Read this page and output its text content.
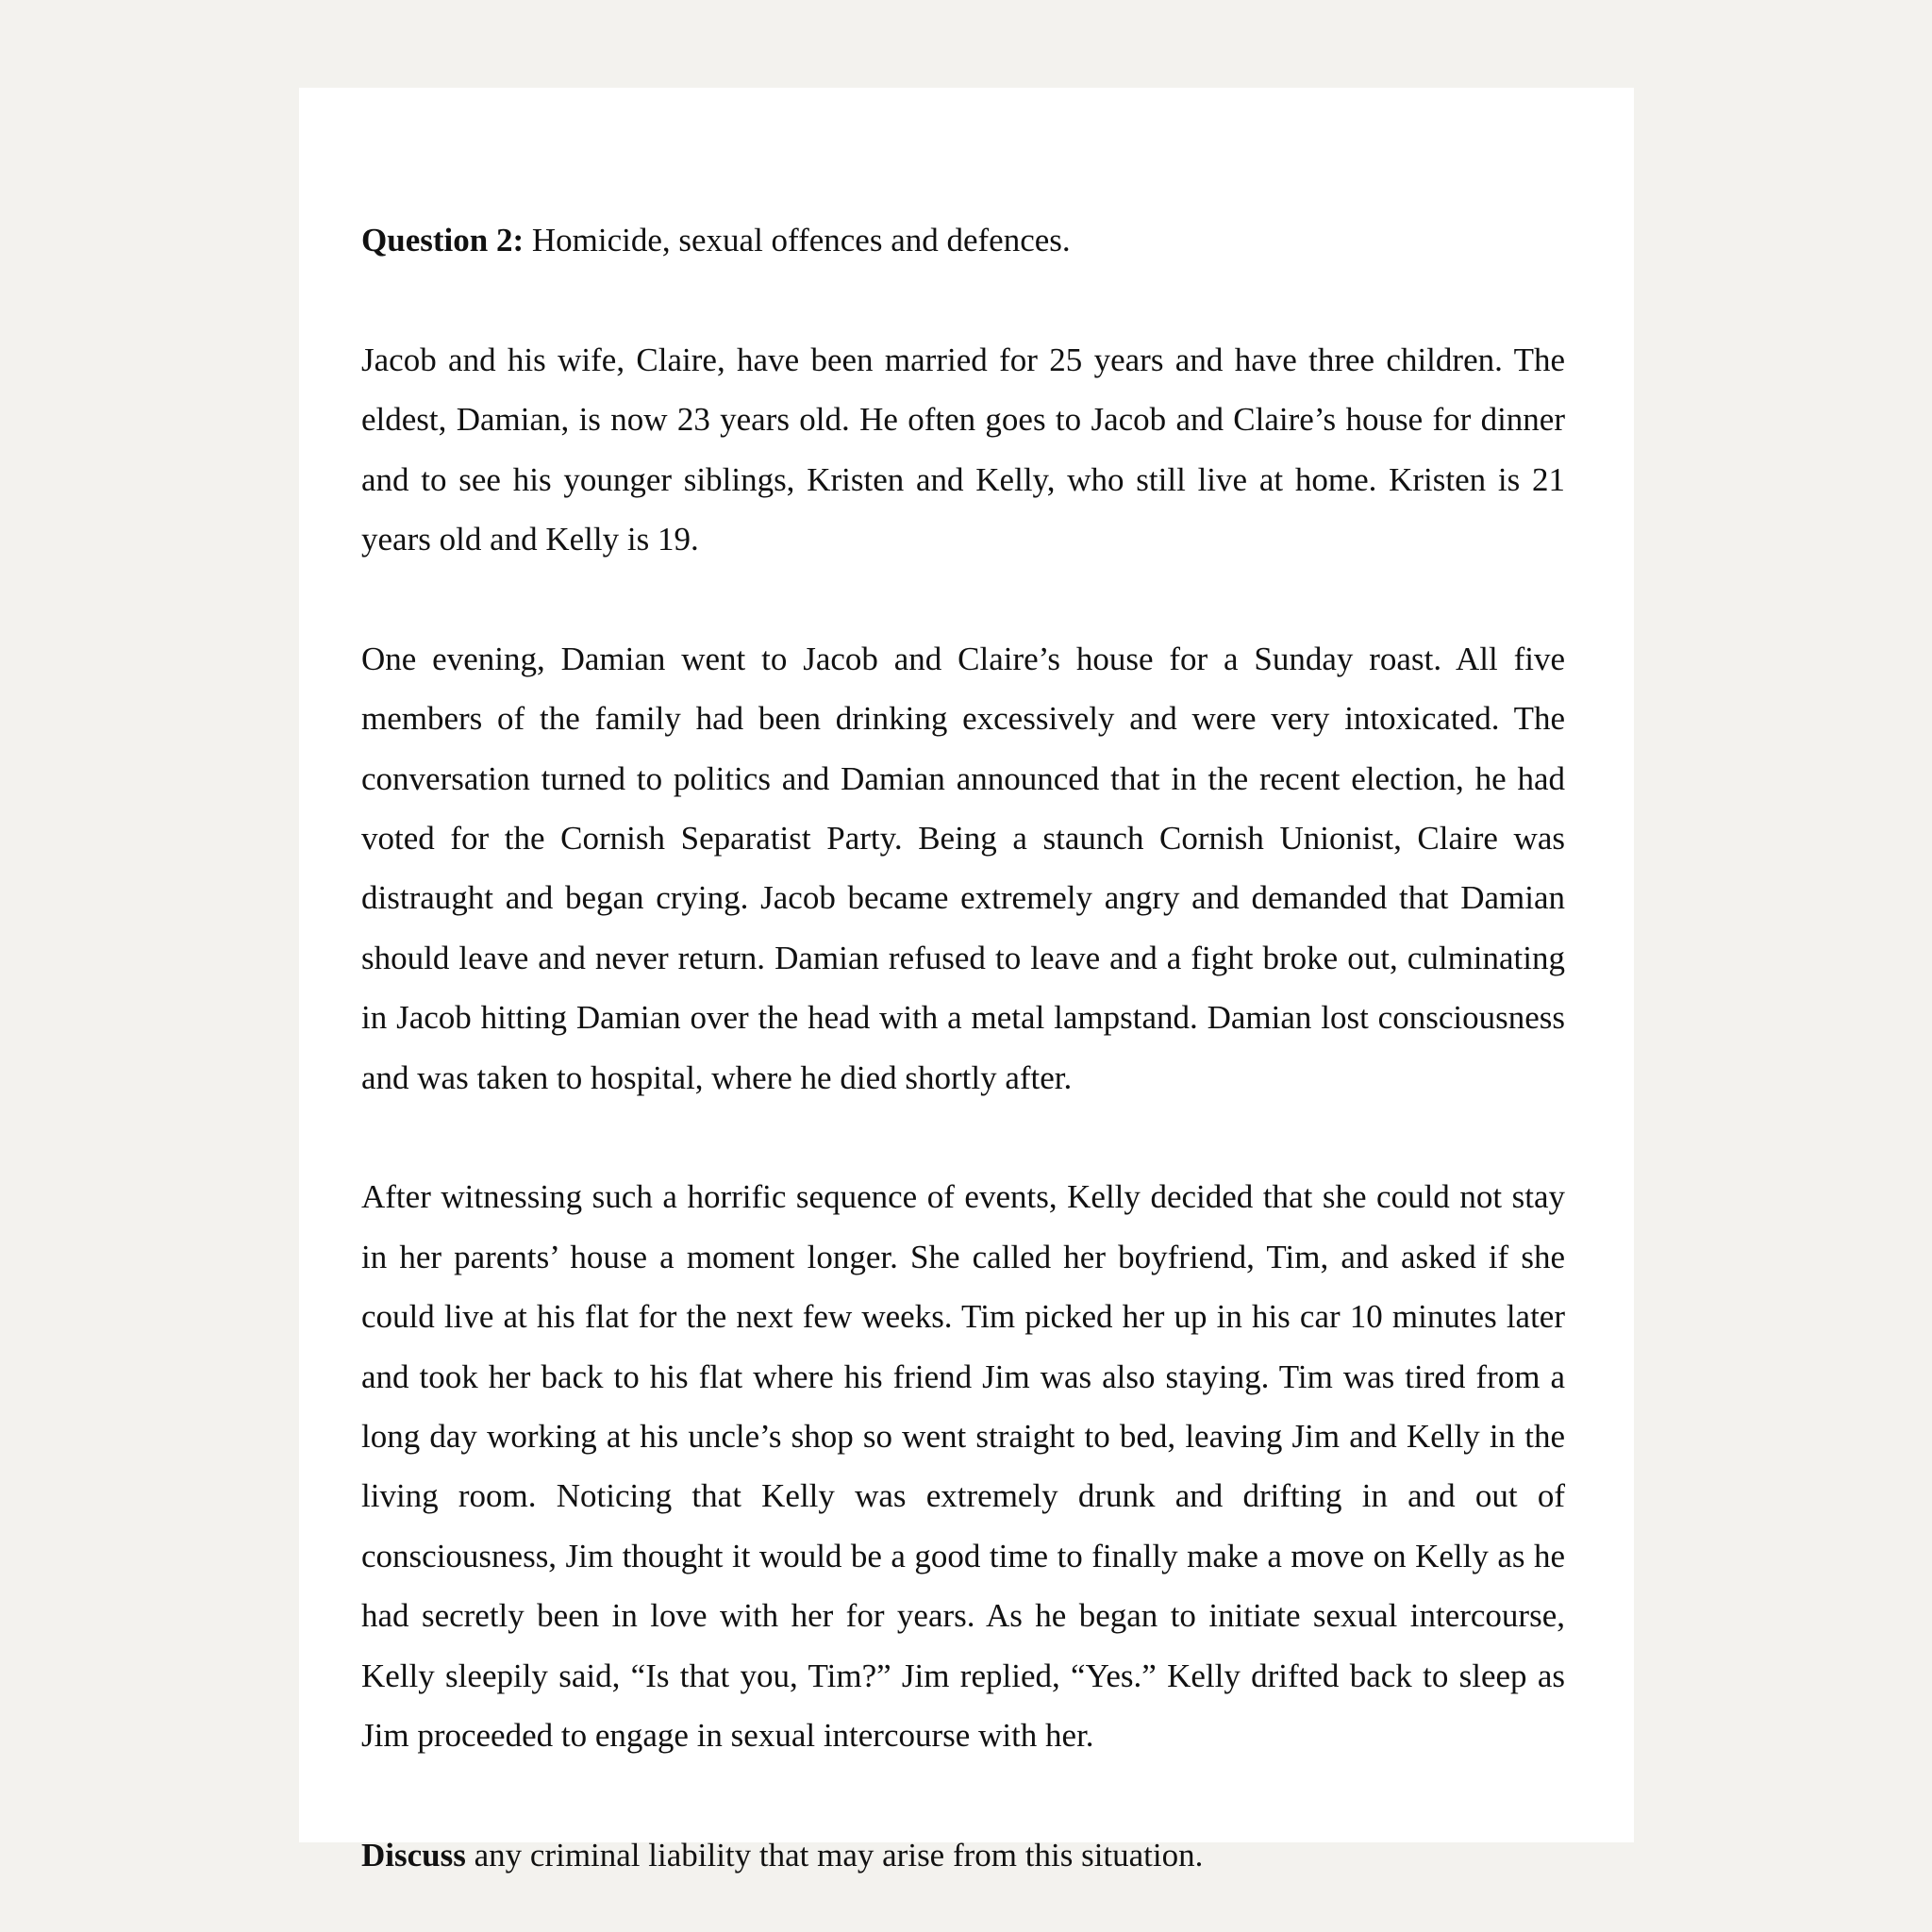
Question 2: Homicide, sexual offences and defences.

Jacob and his wife, Claire, have been married for 25 years and have three children. The eldest, Damian, is now 23 years old. He often goes to Jacob and Claire’s house for dinner and to see his younger siblings, Kristen and Kelly, who still live at home. Kristen is 21 years old and Kelly is 19.

One evening, Damian went to Jacob and Claire’s house for a Sunday roast. All five members of the family had been drinking excessively and were very intoxicated. The conversation turned to politics and Damian announced that in the recent election, he had voted for the Cornish Separatist Party. Being a staunch Cornish Unionist, Claire was distraught and began crying. Jacob became extremely angry and demanded that Damian should leave and never return. Damian refused to leave and a fight broke out, culminating in Jacob hitting Damian over the head with a metal lampstand. Damian lost consciousness and was taken to hospital, where he died shortly after.

After witnessing such a horrific sequence of events, Kelly decided that she could not stay in her parents’ house a moment longer. She called her boyfriend, Tim, and asked if she could live at his flat for the next few weeks. Tim picked her up in his car 10 minutes later and took her back to his flat where his friend Jim was also staying. Tim was tired from a long day working at his uncle’s shop so went straight to bed, leaving Jim and Kelly in the living room. Noticing that Kelly was extremely drunk and drifting in and out of consciousness, Jim thought it would be a good time to finally make a move on Kelly as he had secretly been in love with her for years. As he began to initiate sexual intercourse, Kelly sleepily said, “Is that you, Tim?” Jim replied, “Yes.” Kelly drifted back to sleep as Jim proceeded to engage in sexual intercourse with her.

Discuss any criminal liability that may arise from this situation.
